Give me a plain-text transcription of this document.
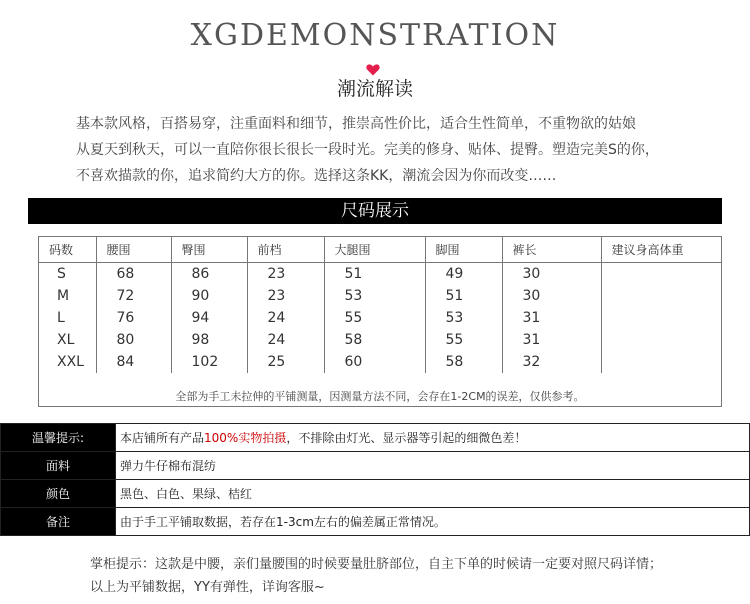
XGDEMONSTRATION
潮流解读

基本款风格，百搭易穿，注重面料和细节，推崇高性价比，适合生性简单，不重物欲的姑娘

从夏天到秋天，可以一直陪你很长很长一段时光。完美的修身、贴体、提臀。塑造完美S的你，

不喜欢描款的你，追求简约大方的你。选择这条KK，潮流会因为你而改变……

尺码展示
码数	腰围	臀围	前档	大腿围	脚围	裤长	建议身高体重
S	68	86	23	51	49	30	
M	72	90	23	53	51	30	
L	76	94	24	55	53	31	
XL	80	98	24	58	55	31	
XXL	84	102	25	60	58	32	
全部为手工未拉伸的平铺测量，因测量方法不同，会存在1-2CM的误差，仅供参考。
温馨提示:	本店铺所有产品100%实物拍摄，不排除由灯光、显示器等引起的细微色差！
面料	弹力牛仔棉布混纺
颜色	黑色、白色、果绿、桔红
备注	由于手工平铺取数据，若存在1-3cm左右的偏差属正常情况。

掌柜提示：这款是中腰，亲们量腰围的时候要量肚脐部位，自主下单的时候请一定要对照尺码详情；

以上为平铺数据，YY有弹性，详询客服~
